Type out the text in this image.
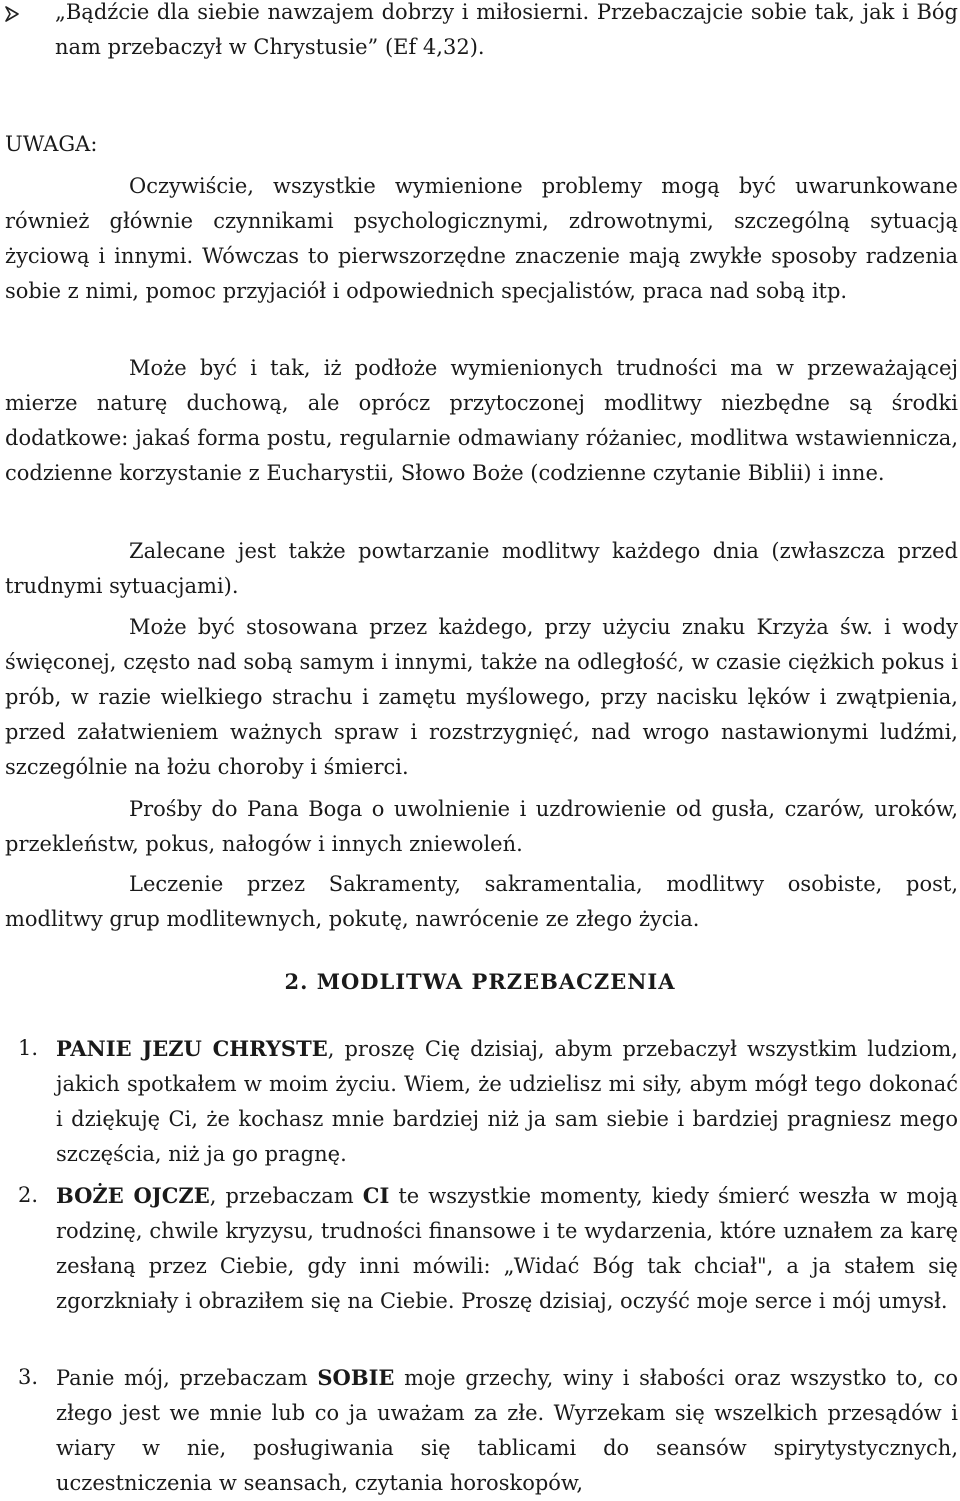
„Bądźcie dla siebie nawzajem dobrzy i miłosierni. Przebaczajcie sobie tak, jak i Bóg nam przebaczył w Chrystusie” (Ef 4,32).
UWAGA:
Oczywiście, wszystkie wymienione problemy mogą być uwarunkowane również głównie czynnikami psychologicznymi, zdrowotnymi, szczególną sytuacją życiową i innymi. Wówczas to pierwszorzędne znaczenie mają zwykłe sposoby radzenia sobie z nimi, pomoc przyjaciół i odpowiednich specjalistów, praca nad sobą itp.
Może być i tak, iż podłoże wymienionych trudności ma w przeważającej mierze naturę duchową, ale oprócz przytoczonej modlitwy niezbędne są środki dodatkowe: jakaś forma postu, regularnie odmawiany różaniec, modlitwa wstawiennicza, codzienne korzystanie z Eucharystii, Słowo Boże (codzienne czytanie Biblii) i inne.
Zalecane jest także powtarzanie modlitwy każdego dnia (zwłaszcza przed trudnymi sytuacjami).
Może być stosowana przez każdego, przy użyciu znaku Krzyża św. i wody święconej, często nad sobą samym i innymi, także na odległość, w czasie ciężkich pokus i prób, w razie wielkiego strachu i zamętu myślowego, przy nacisku lęków i zwątpienia, przed załatwieniem ważnych spraw i rozstrzygnięć, nad wrogo nastawionymi ludźmi, szczególnie na łożu choroby i śmierci.
Prośby do Pana Boga o uwolnienie i uzdrowienie od gusła, czarów, uroków, przekleństw, pokus, nałogów i innych zniewoleń.
Leczenie przez Sakramenty, sakramentalia, modlitwy osobiste, post, modlitwy grup modlitewnych, pokutę, nawrócenie ze złego życia.
2. MODLITWA PRZEBACZENIA
1. PANIE JEZU CHRYSTE, proszę Cię dzisiaj, abym przebaczył wszystkim ludziom, jakich spotkałem w moim życiu. Wiem, że udzielisz mi siły, abym mógł tego dokonać i dziękuję Ci, że kochasz mnie bardziej niż ja sam siebie i bardziej pragniesz mego szczęścia, niż ja go pragnę.
2. BOŻE OJCZE, przebaczam CI te wszystkie momenty, kiedy śmierć weszła w moją rodzinę, chwile kryzysu, trudności finansowe i te wydarzenia, które uznałem za karę zesłaną przez Ciebie, gdy inni mówili: „Widać Bóg tak chciał", a ja stałem się zgorzkniały i obraziłem się na Ciebie. Proszę dzisiaj, oczyść moje serce i mój umysł.
3. Panie mój, przebaczam SOBIE moje grzechy, winy i słabości oraz wszystko to, co złego jest we mnie lub co ja uważam za złe. Wyrzekam się wszelkich przesądów i wiary w nie, posługiwania się tablicami do seansów spirytystycznych, uczestniczenia w seansach, czytania horoskopów,
